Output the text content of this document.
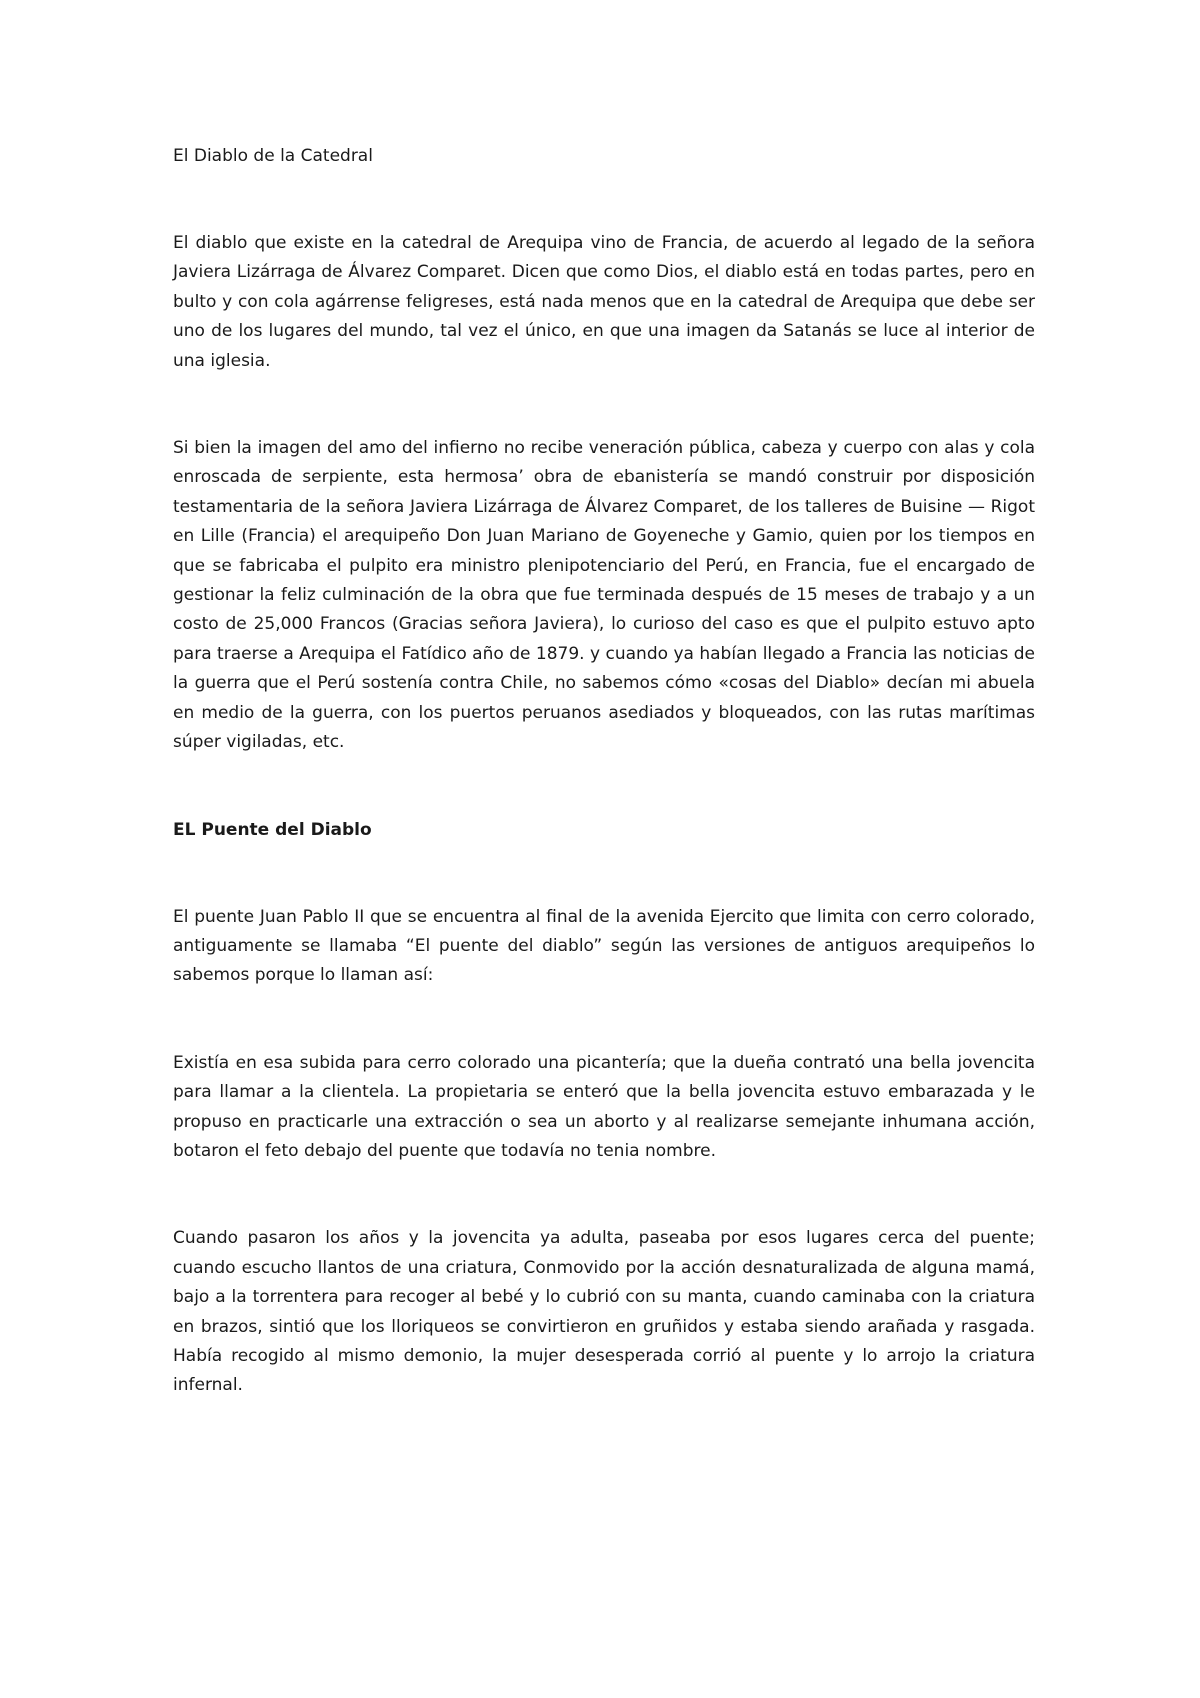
El Diablo de la Catedral

El diablo que existe en la catedral de Arequipa vino de Francia, de acuerdo al legado de la señora Javiera Lizárraga de Álvarez Comparet. Dicen que como Dios, el diablo está en todas partes, pero en bulto y con cola agárrense feligreses, está nada menos que en la catedral de Arequipa que debe ser uno de los lugares del mundo, tal vez el único, en que una imagen da Satanás se luce al interior de una iglesia.

Si bien la imagen del amo del infierno no recibe veneración pública, cabeza y cuerpo con alas y cola enroscada de serpiente, esta hermosa’ obra de ebanistería se mandó construir por disposición testamentaria de la señora Javiera Lizárraga de Álvarez Comparet, de los talleres de Buisine — Rigot en Lille (Francia) el arequipeño Don Juan Mariano de Goyeneche y Gamio, quien por los tiempos en que se fabricaba el pulpito era ministro plenipotenciario del Perú, en Francia, fue el encargado de gestionar la feliz culminación de la obra que fue terminada después de 15 meses de trabajo y a un costo de 25,000 Francos (Gracias señora Javiera), lo curioso del caso es que el pulpito estuvo apto para traerse a Arequipa el Fatídico año de 1879. y cuando ya habían llegado a Francia las noticias de la guerra que el Perú sostenía contra Chile, no sabemos cómo «cosas del Diablo» decían mi abuela en medio de la guerra, con los puertos peruanos asediados y bloqueados, con las rutas marítimas súper vigiladas, etc.

EL Puente del Diablo

El puente Juan Pablo II que se encuentra al final de la avenida Ejercito que limita con cerro colorado, antiguamente se llamaba “El puente del diablo” según las versiones de antiguos arequipeños lo sabemos porque lo llaman así:

Existía en esa subida para cerro colorado una picantería; que la dueña contrató una bella jovencita para llamar a la clientela. La propietaria se enteró que la bella jovencita estuvo embarazada y le propuso en practicarle una extracción o sea un aborto y al realizarse semejante inhumana acción, botaron el feto debajo del puente que todavía no tenia nombre.

Cuando pasaron los años y la jovencita ya adulta, paseaba por esos lugares cerca del puente; cuando escucho llantos de una criatura, Conmovido por la acción desnaturalizada de alguna mamá, bajo a la torrentera para recoger al bebé y lo cubrió con su manta, cuando caminaba con la criatura en brazos, sintió que los lloriqueos se convirtieron en gruñidos y estaba siendo arañada y rasgada. Había recogido al mismo demonio, la mujer desesperada corrió al puente y lo arrojo la criatura infernal.
